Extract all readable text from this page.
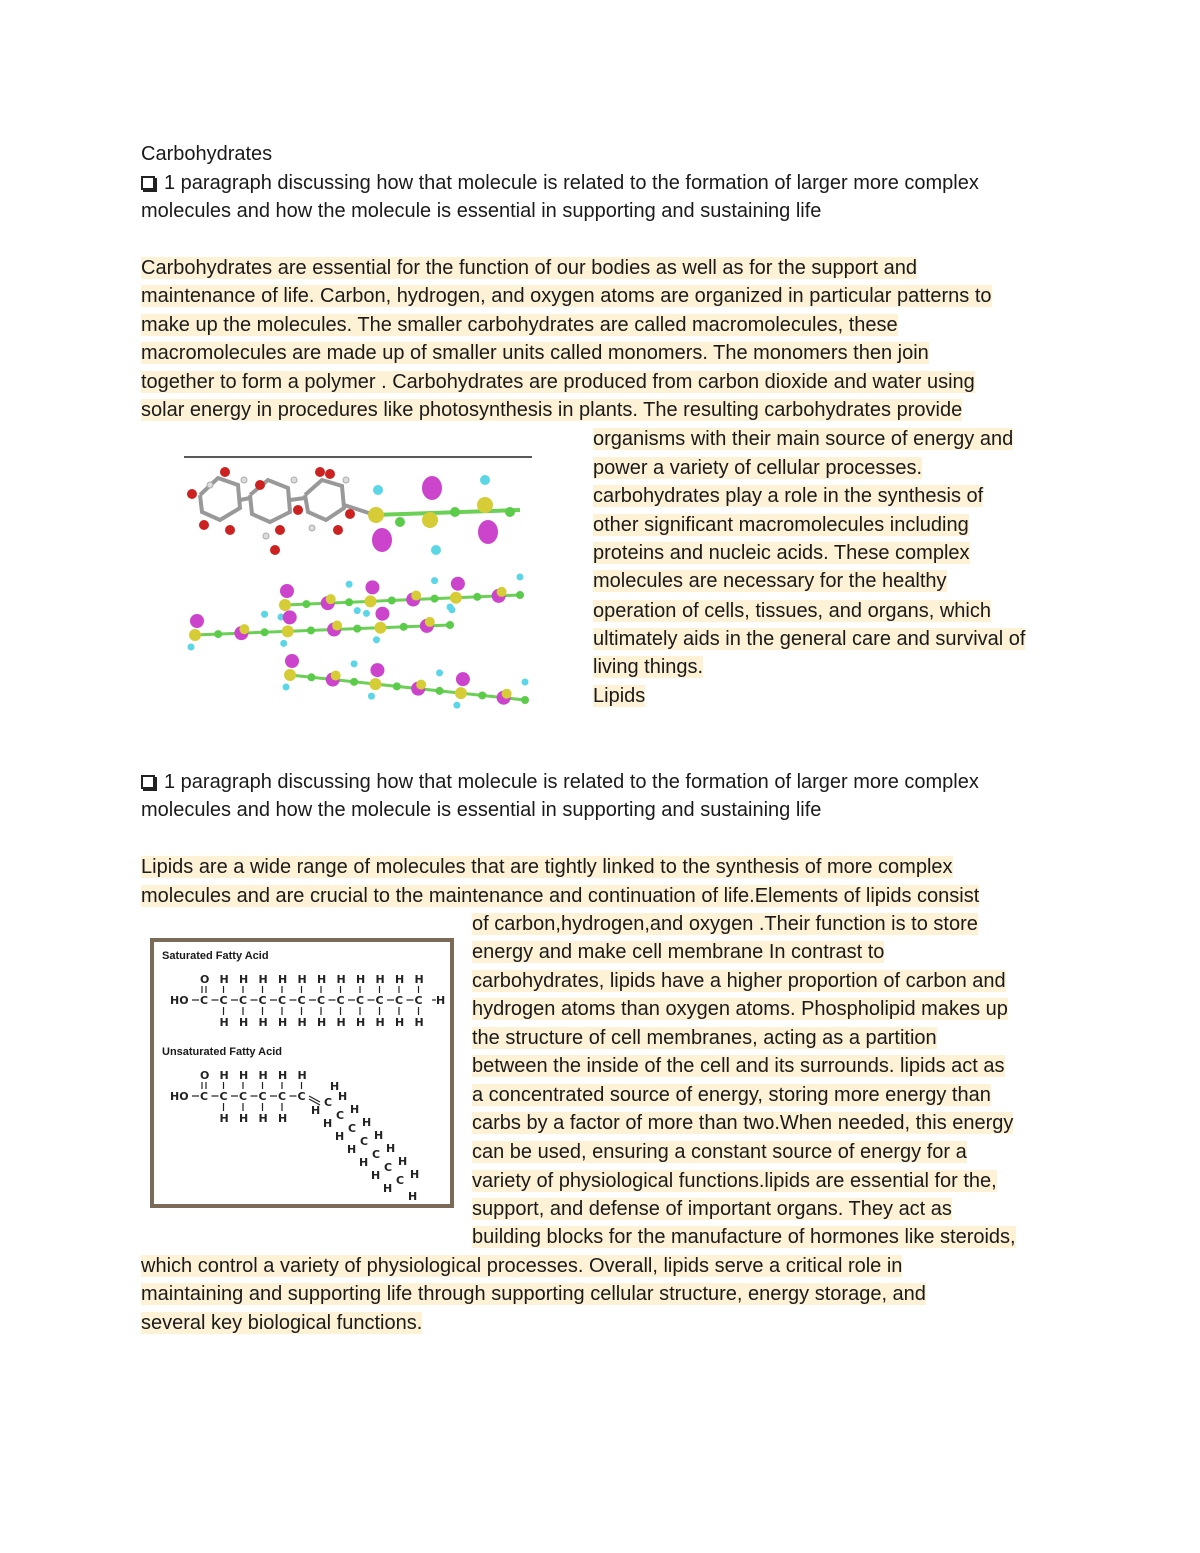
Carbohydrates
1 paragraph discussing how that molecule is related to the formation of larger more complex
molecules and how the molecule is essential in supporting and sustaining life
Carbohydrates are essential for the function of our bodies as well as for the support and
maintenance of life. Carbon, hydrogen, and oxygen atoms are organized in particular patterns to
make up the molecules. The smaller carbohydrates are called macromolecules, these
macromolecules are made up of smaller units called monomers. The monomers then join
together to form a polymer . Carbohydrates are produced from carbon dioxide and water using
solar energy in procedures like photosynthesis in plants. The resulting carbohydrates provide
organisms with their main source of energy and
power a variety of cellular processes.
carbohydrates play a role in the synthesis of
other significant macromolecules including
proteins and nucleic acids. These complex
molecules are necessary for the healthy
operation of cells, tissues, and organs, which
ultimately aids in the general care and survival of
living things.
Lipids
1 paragraph discussing how that molecule is related to the formation of larger more complex
molecules and how the molecule is essential in supporting and sustaining life
Lipids are a wide range of molecules that are tightly linked to the synthesis of more complex
molecules and are crucial to the maintenance and continuation of life.Elements of lipids consist
of carbon,hydrogen,and oxygen .Their function is to store
energy and make cell membrane In contrast to
carbohydrates, lipids have a higher proportion of carbon and
hydrogen atoms than oxygen atoms. Phospholipid makes up
the structure of cell membranes, acting as a partition
between the inside of the cell and its surrounds. lipids act as
a concentrated source of energy, storing more energy than
carbs by a factor of more than two.When needed, this energy
can be used, ensuring a constant source of energy for a
variety of physiological functions.lipids are essential for the,
support, and defense of important organs. They act as
building blocks for the manufacture of hormones like steroids,
which control a variety of physiological processes. Overall, lipids serve a critical role in
maintaining and supporting life through supporting cellular structure, energy storage, and
several key biological functions.
Saturated Fatty Acid
HO C
O
C
H
H
C
H
H
C
H
H
C
H
H
C
H
H
C
H
H
C
H
H
C
H
H
C
H
H
C
H
H
C
H
H
H
HO C
O
C
H
H
C
H
H
C
H
H
C
H
H
C
H
C H
H C H
H C H
H C H
H C H
H C H
H C H
H
H
H
Unsaturated Fatty Acid
